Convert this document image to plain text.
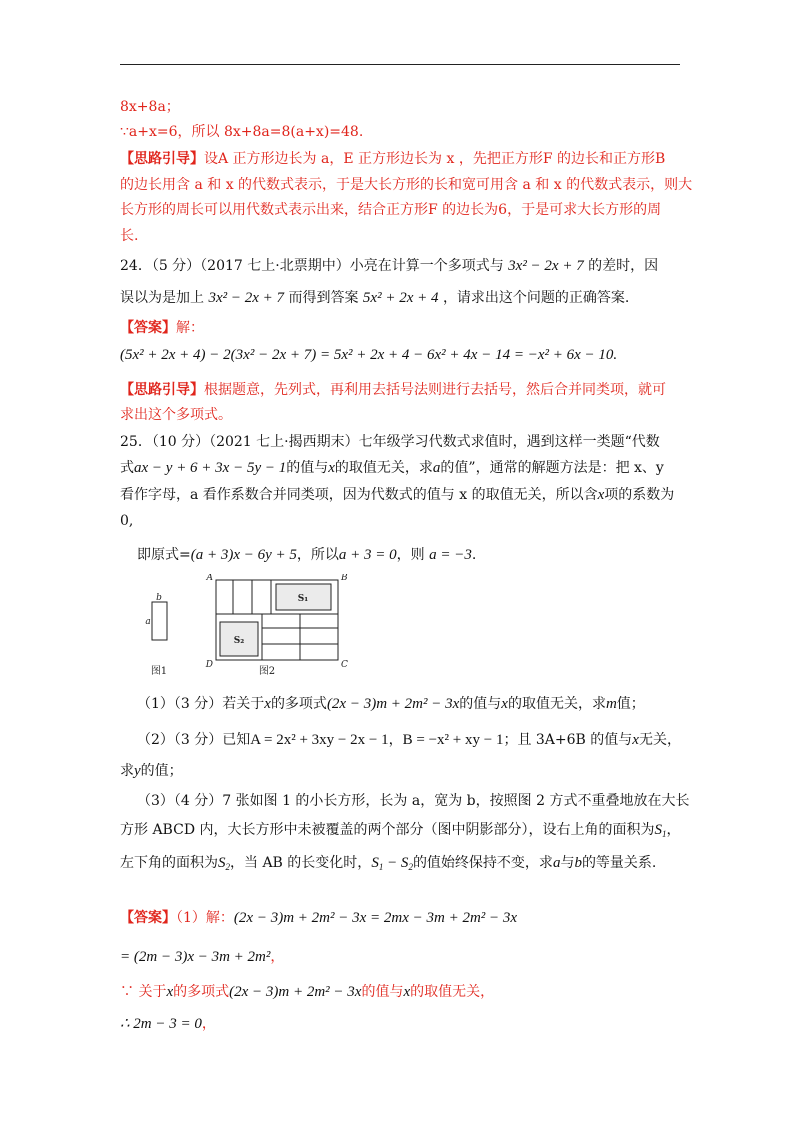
8x+8a；
∵a+x=6，所以 8x+8a=8(a+x)=48.
【思路引导】设A 正方形边长为 a，E 正方形边长为 x ，先把正方形F 的边长和正方形B
的边长用含 a 和 x 的代数式表示，于是大长方形的长和宽可用含 a 和 x 的代数式表示，则大
长方形的周长可以用代数式表示出来，结合正方形F 的边长为6，于是可求大长方形的周
长.
24．（5 分）（2017 七上·北票期中）小亮在计算一个多项式与 3x² − 2x + 7 的差时，因
误以为是加上 3x² − 2x + 7 而得到答案 5x² + 2x + 4 ，请求出这个问题的正确答案.
【答案】解：
(5x² + 2x + 4) − 2(3x² − 2x + 7) = 5x² + 2x + 4 − 6x² + 4x − 14 = −x² + 6x − 10.
【思路引导】根据题意，先列式，再利用去括号法则进行去括号，然后合并同类项，就可
求出这个多项式。
25．（10 分）（2021 七上·揭西期末）七年级学习代数式求值时，遇到这样一类题“代数
式ax − y + 6 + 3x − 5y − 1的值与x的取值无关，求a的值”，通常的解题方法是：把 x、y
看作字母，a 看作系数合并同类项，因为代数式的值与 x 的取值无关，所以含x项的系数为
0,
即原式=(a + 3)x − 6y + 5，所以a + 3 = 0，则 a = −3.
b
a
图1
S₁
S₂
A	B
C
D
图2
（1）（3 分）若关于x的多项式(2x − 3)m + 2m² − 3x的值与x的取值无关，求m值；
（2）（3 分）已知A = 2x² + 3xy − 2x − 1，B = −x² + xy − 1；且 3A+6B 的值与x无关，
求y的值；
（3）（4 分）7 张如图 1 的小长方形，长为 a，宽为 b，按照图 2 方式不重叠地放在大长
方形 ABCD 内，大长方形中未被覆盖的两个部分（图中阴影部分），设右上角的面积为$S_1$，
左下角的面积为$S_2$，当 AB 的长变化时，$S_1 - S_2$的值始终保持不变，求a与b的等量关系.
【答案】（1）解：(2x − 3)m + 2m² − 3x = 2mx − 3m + 2m² − 3x
= (2m − 3)x − 3m + 2m²，
∵ 关于x的多项式(2x − 3)m + 2m² − 3x的值与x的取值无关，
∴ 2m − 3 = 0，
